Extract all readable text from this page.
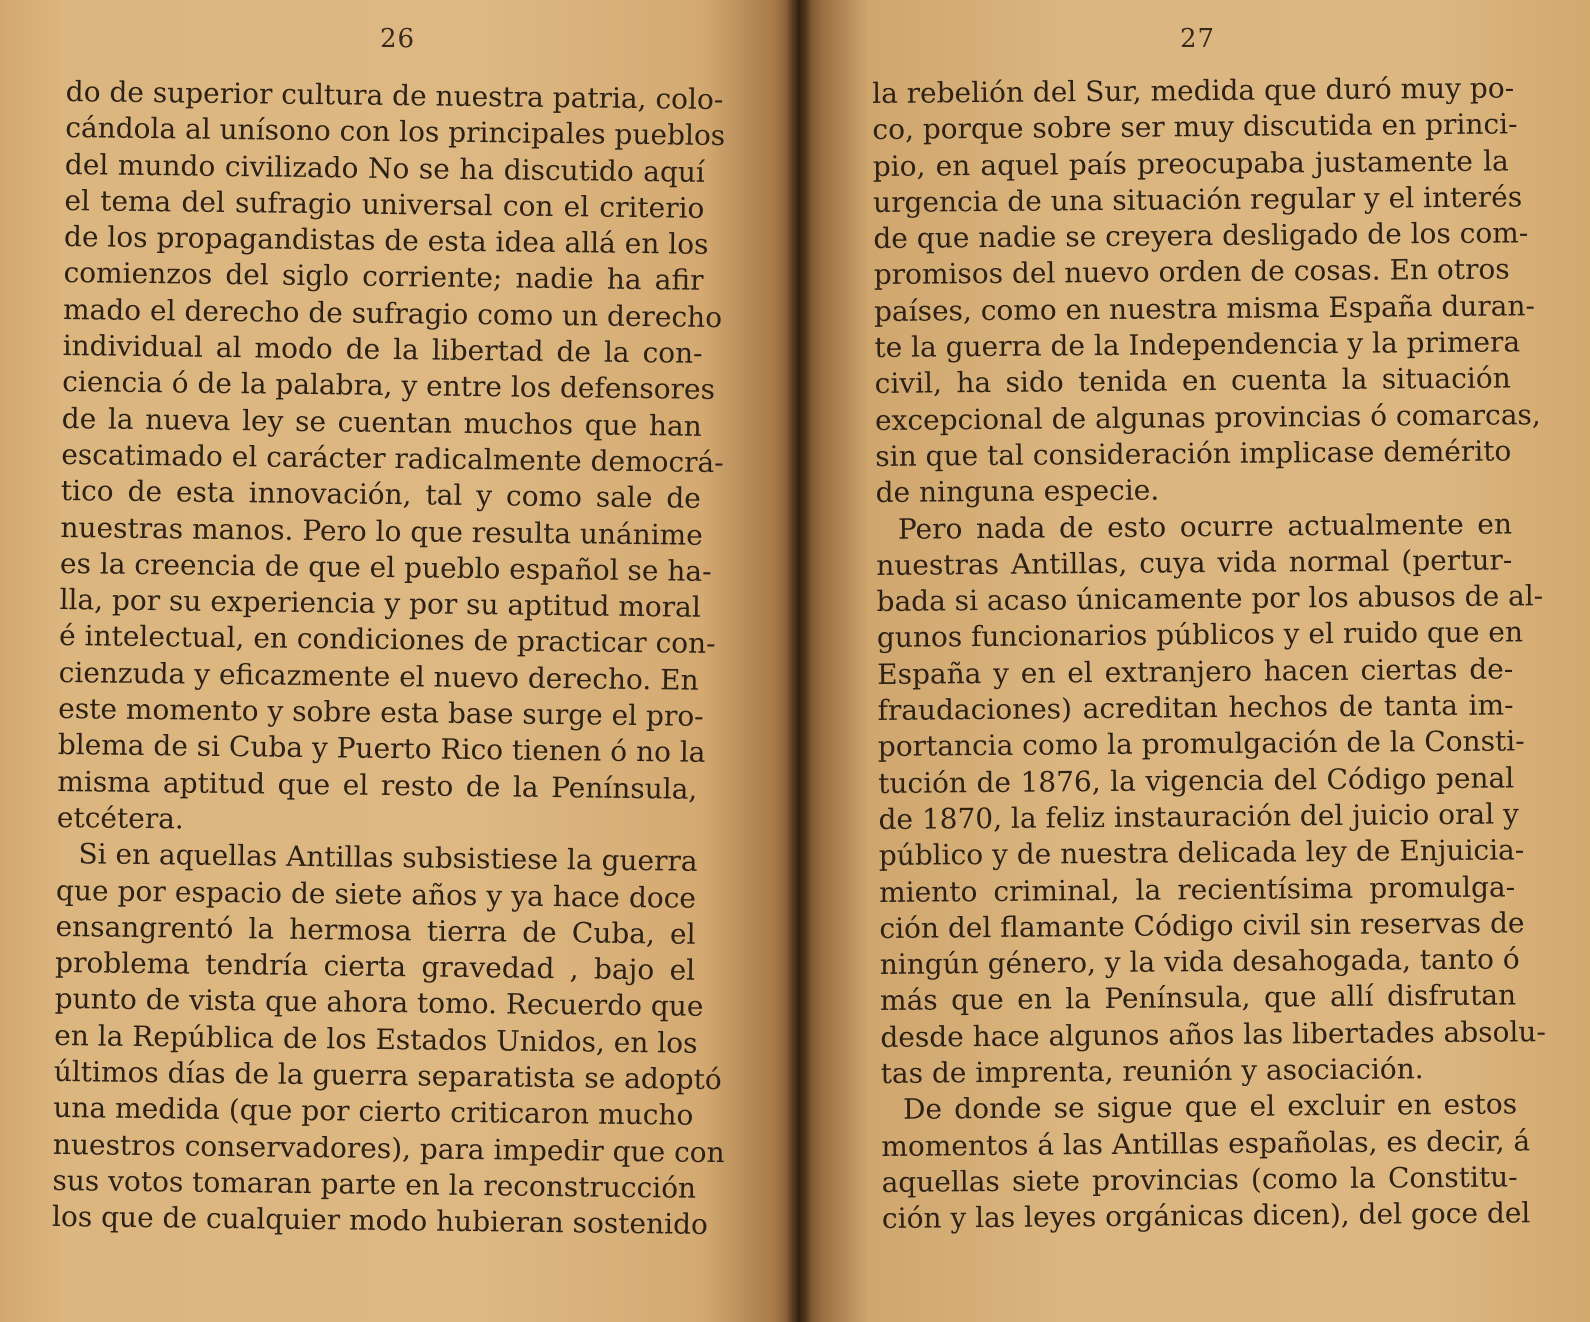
26
do de superior cultura de nuestra patria, colo-
cándola al unísono con los principales pueblos
del mundo civilizado No se ha discutido aquí
el tema del sufragio universal con el criterio
de los propagandistas de esta idea allá en los
comienzos del siglo corriente; nadie ha afir
mado el derecho de sufragio como un derecho
individual al modo de la libertad de la con-
ciencia ó de la palabra, y entre los defensores
de la nueva ley se cuentan muchos que han
escatimado el carácter radicalmente democrá-
tico de esta innovación, tal y como sale de
nuestras manos. Pero lo que resulta unánime
es la creencia de que el pueblo español se ha-
lla, por su experiencia y por su aptitud moral
é intelectual, en condiciones de practicar con-
cienzuda y eficazmente el nuevo derecho. En
este momento y sobre esta base surge el pro-
blema de si Cuba y Puerto Rico tienen ó no la
misma aptitud que el resto de la Península,
etcétera.
Si en aquellas Antillas subsistiese la guerra
que por espacio de siete años y ya hace doce
ensangrentó la hermosa tierra de Cuba, el
problema tendría cierta gravedad , bajo el
punto de vista que ahora tomo. Recuerdo que
en la República de los Estados Unidos, en los
últimos días de la guerra separatista se adoptó
una medida (que por cierto criticaron mucho
nuestros conservadores), para impedir que con
sus votos tomaran parte en la reconstrucción
los que de cualquier modo hubieran sostenido
27
la rebelión del Sur, medida que duró muy po-
co, porque sobre ser muy discutida en princi-
pio, en aquel país preocupaba justamente la
urgencia de una situación regular y el interés
de que nadie se creyera desligado de los com-
promisos del nuevo orden de cosas. En otros
países, como en nuestra misma España duran-
te la guerra de la Independencia y la primera
civil, ha sido tenida en cuenta la situación
excepcional de algunas provincias ó comarcas,
sin que tal consideración implicase demérito
de ninguna especie.
Pero nada de esto ocurre actualmente en
nuestras Antillas, cuya vida normal (pertur-
bada si acaso únicamente por los abusos de al-
gunos funcionarios públicos y el ruido que en
España y en el extranjero hacen ciertas de-
fraudaciones) acreditan hechos de tanta im-
portancia como la promulgación de la Consti-
tución de 1876, la vigencia del Código penal
de 1870, la feliz instauración del juicio oral y
público y de nuestra delicada ley de Enjuicia-
miento criminal, la recientísima promulga-
ción del flamante Código civil sin reservas de
ningún género, y la vida desahogada, tanto ó
más que en la Península, que allí disfrutan
desde hace algunos años las libertades absolu-
tas de imprenta, reunión y asociación.
De donde se sigue que el excluir en estos
momentos á las Antillas españolas, es decir, á
aquellas siete provincias (como la Constitu-
ción y las leyes orgánicas dicen), del goce del
